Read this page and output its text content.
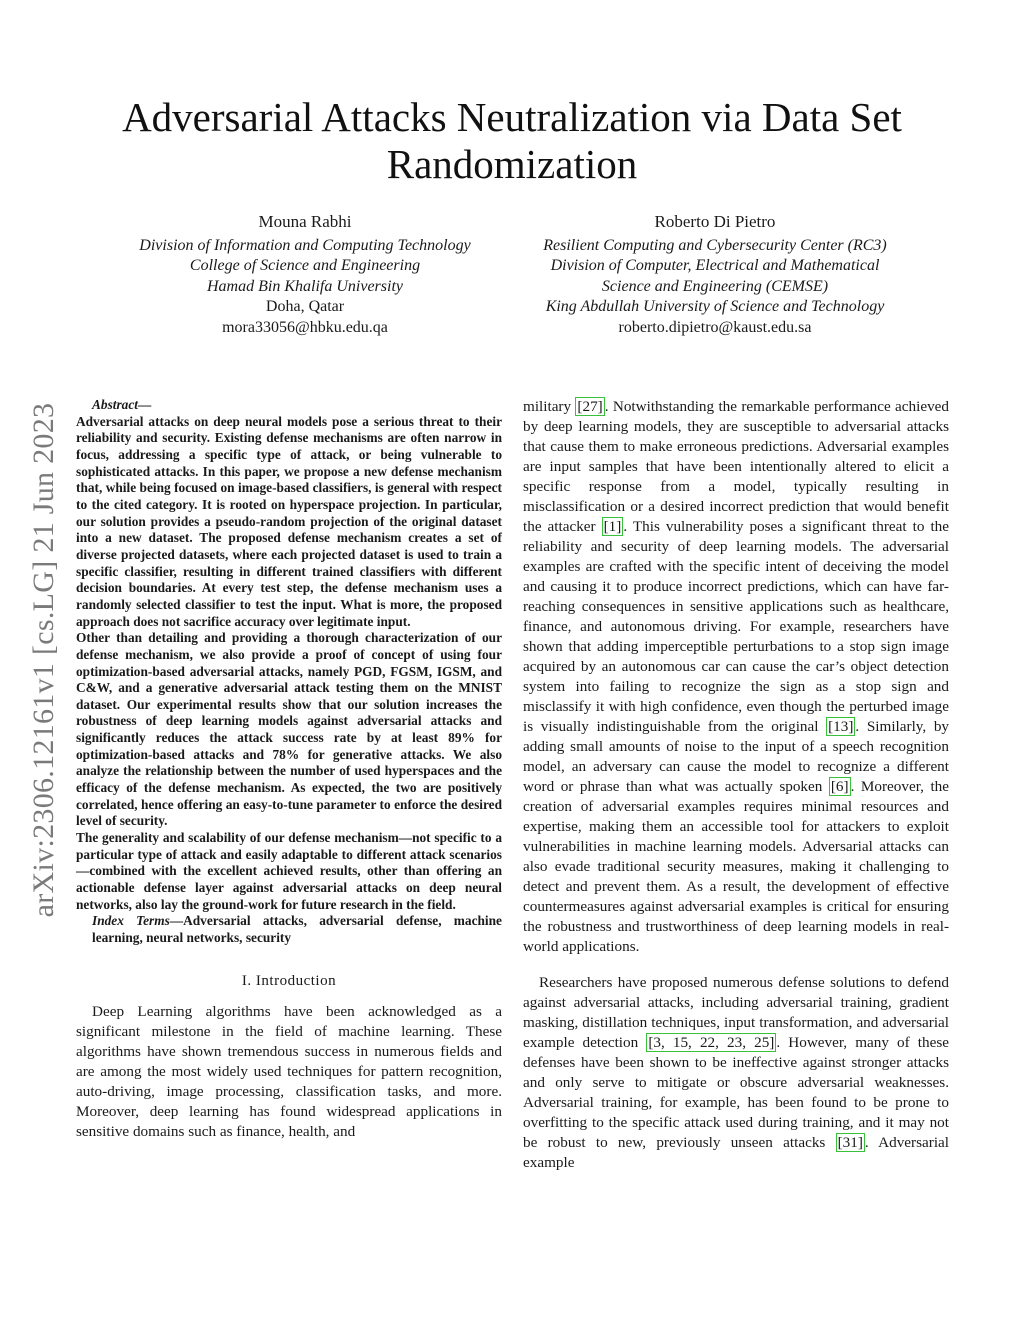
arXiv:2306.12161v1 [cs.LG] 21 Jun 2023
Adversarial Attacks Neutralization via Data Set Randomization
Mouna Rabhi
Division of Information and Computing Technology
College of Science and Engineering
Hamad Bin Khalifa University
Doha, Qatar
mora33056@hbku.edu.qa
Roberto Di Pietro
Resilient Computing and Cybersecurity Center (RC3)
Division of Computer, Electrical and Mathematical
Science and Engineering (CEMSE)
King Abdullah University of Science and Technology
roberto.dipietro@kaust.edu.sa

Abstract—

Adversarial attacks on deep neural models pose a serious threat to their reliability and security. Existing defense mechanisms are often narrow in focus, addressing a specific type of attack, or being vulnerable to sophisticated attacks. In this paper, we propose a new defense mechanism that, while being focused on image-based classifiers, is general with respect to the cited category. It is rooted on hyperspace projection. In particular, our solution provides a pseudo-random projection of the original dataset into a new dataset. The proposed defense mechanism creates a set of diverse projected datasets, where each projected dataset is used to train a specific classifier, resulting in different trained classifiers with different decision boundaries. At every test step, the defense mechanism uses a randomly selected classifier to test the input. What is more, the proposed approach does not sacrifice accuracy over legitimate input.

Other than detailing and providing a thorough characterization of our defense mechanism, we also provide a proof of concept of using four optimization-based adversarial attacks, namely PGD, FGSM, IGSM, and C&W, and a generative adversarial attack testing them on the MNIST dataset. Our experimental results show that our solution increases the robustness of deep learning models against adversarial attacks and significantly reduces the attack success rate by at least 89% for optimization-based attacks and 78% for generative attacks. We also analyze the relationship between the number of used hyperspaces and the efficacy of the defense mechanism. As expected, the two are positively correlated, hence offering an easy-to-tune parameter to enforce the desired level of security.

The generality and scalability of our defense mechanism—not specific to a particular type of attack and easily adaptable to different attack scenarios—combined with the excellent achieved results, other than offering an actionable defense layer against adversarial attacks on deep neural networks, also lay the ground-work for future research in the field.

Index Terms—Adversarial attacks, adversarial defense, machine learning, neural networks, security

I. Introduction

Deep Learning algorithms have been acknowledged as a significant milestone in the field of machine learning. These algorithms have shown tremendous success in numerous fields and are among the most widely used techniques for pattern recognition, auto-driving, image processing, classification tasks, and more. Moreover, deep learning has found widespread applications in sensitive domains such as finance, health, and

military [27] . Notwithstanding the remarkable performance achieved by deep learning models, they are susceptible to adversarial attacks that cause them to make erroneous predictions. Adversarial examples are input samples that have been intentionally altered to elicit a specific response from a model, typically resulting in misclassification or a desired incorrect prediction that would benefit the attacker [1] . This vulnerability poses a significant threat to the reliability and security of deep learning models. The adversarial examples are crafted with the specific intent of deceiving the model and causing it to produce incorrect predictions, which can have far-reaching consequences in sensitive applications such as healthcare, finance, and autonomous driving. For example, researchers have shown that adding imperceptible perturbations to a stop sign image acquired by an autonomous car can cause the car’s object detection system into failing to recognize the sign as a stop sign and misclassify it with high confidence, even though the perturbed image is visually indistinguishable from the original [13] . Similarly, by adding small amounts of noise to the input of a speech recognition model, an adversary can cause the model to recognize a different word or phrase than what was actually spoken [6] . Moreover, the creation of adversarial examples requires minimal resources and expertise, making them an accessible tool for attackers to exploit vulnerabilities in machine learning models. Adversarial attacks can also evade traditional security measures, making it challenging to detect and prevent them. As a result, the development of effective countermeasures against adversarial examples is critical for ensuring the robustness and trustworthiness of deep learning models in real-world applications.

Researchers have proposed numerous defense solutions to defend against adversarial attacks, including adversarial training, gradient masking, distillation techniques, input transformation, and adversarial example detection [3, 15, 22, 23, 25] . However, many of these defenses have been shown to be ineffective against stronger attacks and only serve to mitigate or obscure adversarial weaknesses. Adversarial training, for example, has been found to be prone to overfitting to the specific attack used during training, and it may not be robust to new, previously unseen attacks [31] . Adversarial example
